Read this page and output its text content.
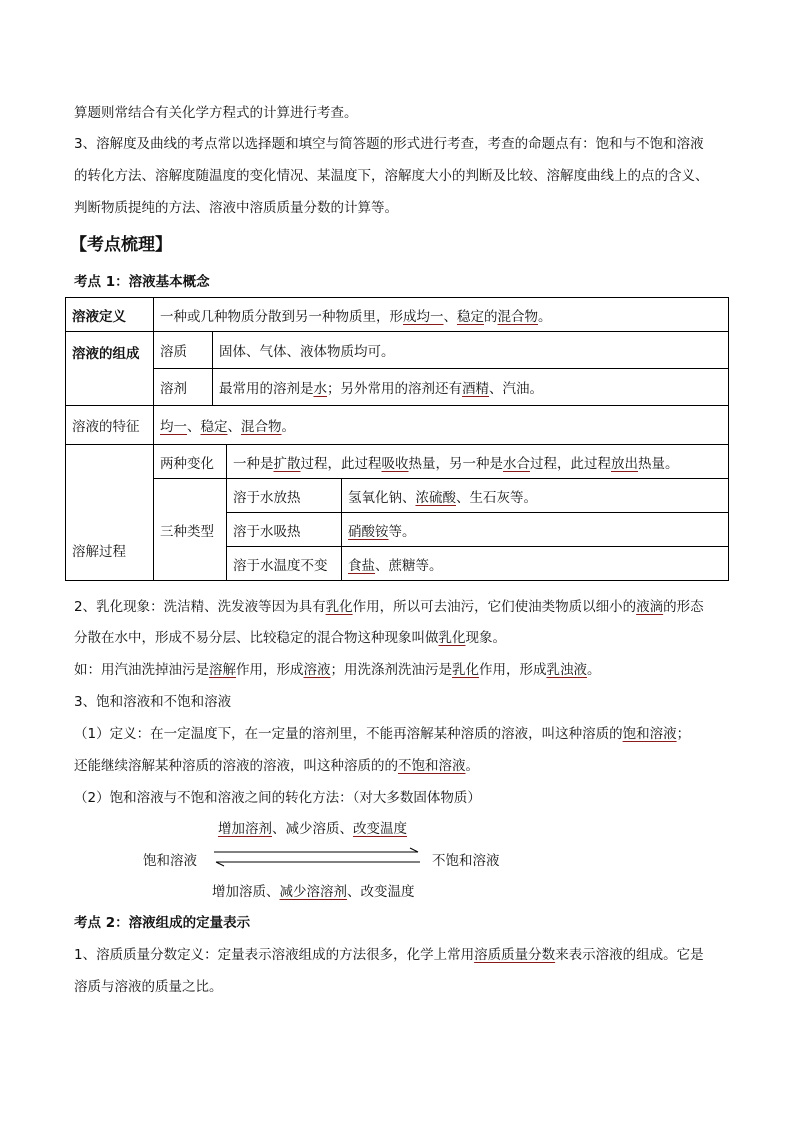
算题则常结合有关化学方程式的计算进行考查。
3、溶解度及曲线的考点常以选择题和填空与简答题的形式进行考查，考查的命题点有：饱和与不饱和溶液
的转化方法、溶解度随温度的变化情况、某温度下，溶解度大小的判断及比较、溶解度曲线上的点的含义、
判断物质提纯的方法、溶液中溶质质量分数的计算等。
【考点梳理】
考点 1：溶液基本概念
溶液定义	一种或几种物质分散到另一种物质里，形成均一、稳定的混合物。			
溶液的组成	溶质	固体、气体、液体物质均可。		
	溶剂	最常用的溶剂是水；另外常用的溶剂还有酒精、汽油。		
溶液的特征	均一、稳定、混合物。			
溶解过程	两种变化		一种是扩散过程，此过程吸收热量，另一种是水合过程，此过程放出热量。	
	三种类型		溶于水放热	氢氧化钠、浓硫酸、生石灰等。
			溶于水吸热	硝酸铵等。
			溶于水温度不变	食盐、蔗糖等。
2、乳化现象：洗洁精、洗发液等因为具有乳化作用，所以可去油污，它们使油类物质以细小的液滴的形态
分散在水中，形成不易分层、比较稳定的混合物这种现象叫做乳化现象。
如：用汽油洗掉油污是溶解作用，形成溶液；用洗涤剂洗油污是乳化作用，形成乳浊液。
3、饱和溶液和不饱和溶液
（1）定义：在一定温度下，在一定量的溶剂里，不能再溶解某种溶质的溶液，叫这种溶质的饱和溶液；
还能继续溶解某种溶质的溶液的溶液，叫这种溶质的的不饱和溶液。
（2）饱和溶液与不饱和溶液之间的转化方法：（对大多数固体物质）
增加溶剂、减少溶质、改变温度
饱和溶液	不饱和溶液
增加溶质、减少溶溶剂、改变温度
考点 2：溶液组成的定量表示
1、溶质质量分数定义：定量表示溶液组成的方法很多，化学上常用溶质质量分数来表示溶液的组成。它是
溶质与溶液的质量之比。
